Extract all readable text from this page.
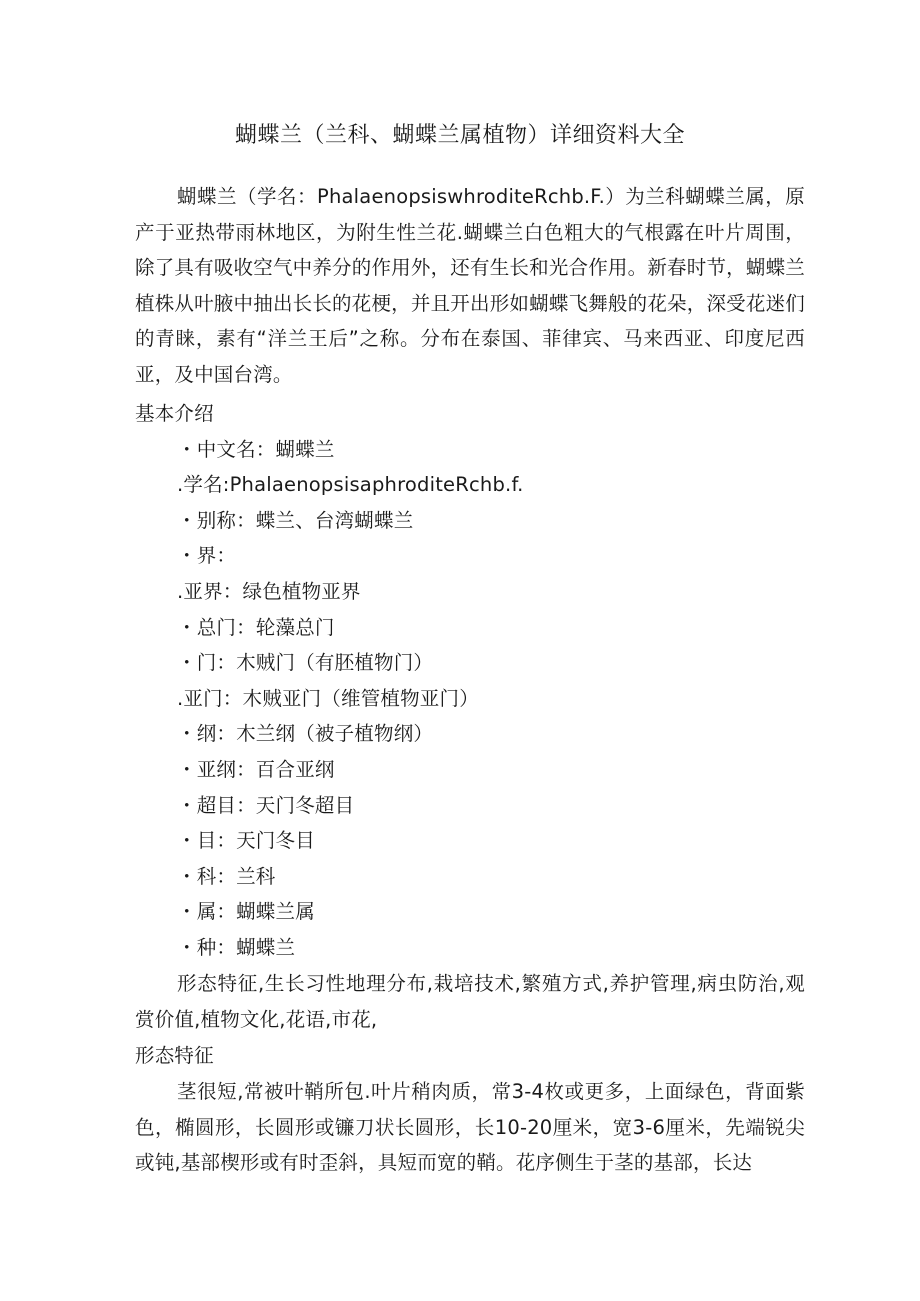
蝴蝶兰（兰科、蝴蝶兰属植物）详细资料大全

蝴蝶兰（学名：PhalaenopsiswhroditeRchb.F.）为兰科蝴蝶兰属，原产于亚热带雨林地区，为附生性兰花.蝴蝶兰白色粗大的气根露在叶片周围，除了具有吸收空气中养分的作用外，还有生长和光合作用。新春时节，蝴蝶兰植株从叶腋中抽出长长的花梗，并且开出形如蝴蝶飞舞般的花朵，深受花迷们的青睐，素有“洋兰王后”之称。分布在泰国、菲律宾、马来西亚、印度尼西亚，及中国台湾。

基本介绍

・中文名：蝴蝶兰

.学名:PhalaenopsisaphroditeRchb.f.

・别称：蝶兰、台湾蝴蝶兰

・界：

.亚界：绿色植物亚界

・总门：轮藻总门

・门：木贼门（有胚植物门）

.亚门：木贼亚门（维管植物亚门）

・纲：木兰纲（被子植物纲）

・亚纲：百合亚纲

・超目：天门冬超目

・目：天门冬目

・科：兰科

・属：蝴蝶兰属

・种：蝴蝶兰

形态特征,生长习性地理分布,栽培技术,繁殖方式,养护管理,病虫防治,观赏价值,植物文化,花语,市花,

形态特征

茎很短,常被叶鞘所包.叶片稍肉质，常3-4枚或更多，上面绿色，背面紫色，椭圆形，长圆形或镰刀状长圆形，长10-20厘米，宽3-6厘米，先端锐尖或钝,基部楔形或有时歪斜，具短而宽的鞘。花序侧生于茎的基部，长达
